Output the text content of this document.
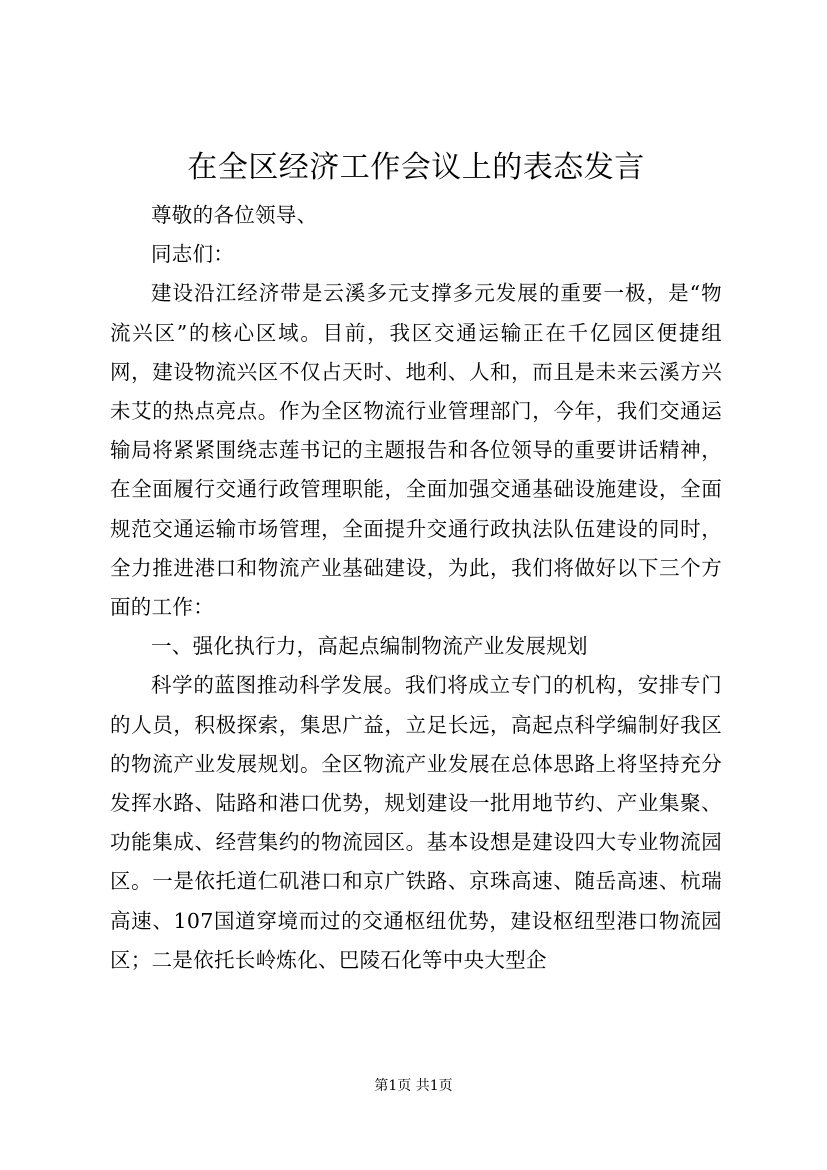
在全区经济工作会议上的表态发言

尊敬的各位领导、

同志们：

建设沿江经济带是云溪多元支撑多元发展的重要一极，是“物流兴区”的核心区域。目前，我区交通运输正在千亿园区便捷组网，建设物流兴区不仅占天时、地利、人和，而且是未来云溪方兴未艾的热点亮点。作为全区物流行业管理部门，今年，我们交通运输局将紧紧围绕志莲书记的主题报告和各位领导的重要讲话精神，在全面履行交通行政管理职能，全面加强交通基础设施建设，全面规范交通运输市场管理，全面提升交通行政执法队伍建设的同时，全力推进港口和物流产业基础建设，为此，我们将做好以下三个方面的工作：

一、强化执行力，高起点编制物流产业发展规划

科学的蓝图推动科学发展。我们将成立专门的机构，安排专门的人员，积极探索，集思广益，立足长远，高起点科学编制好我区的物流产业发展规划。全区物流产业发展在总体思路上将坚持充分发挥水路、陆路和港口优势，规划建设一批用地节约、产业集聚、功能集成、经营集约的物流园区。基本设想是建设四大专业物流园区。一是依托道仁矶港口和京广铁路、京珠高速、随岳高速、杭瑞高速、107国道穿境而过的交通枢纽优势，建设枢纽型港口物流园区；二是依托长岭炼化、巴陵石化等中央大型企

第1页 共1页
